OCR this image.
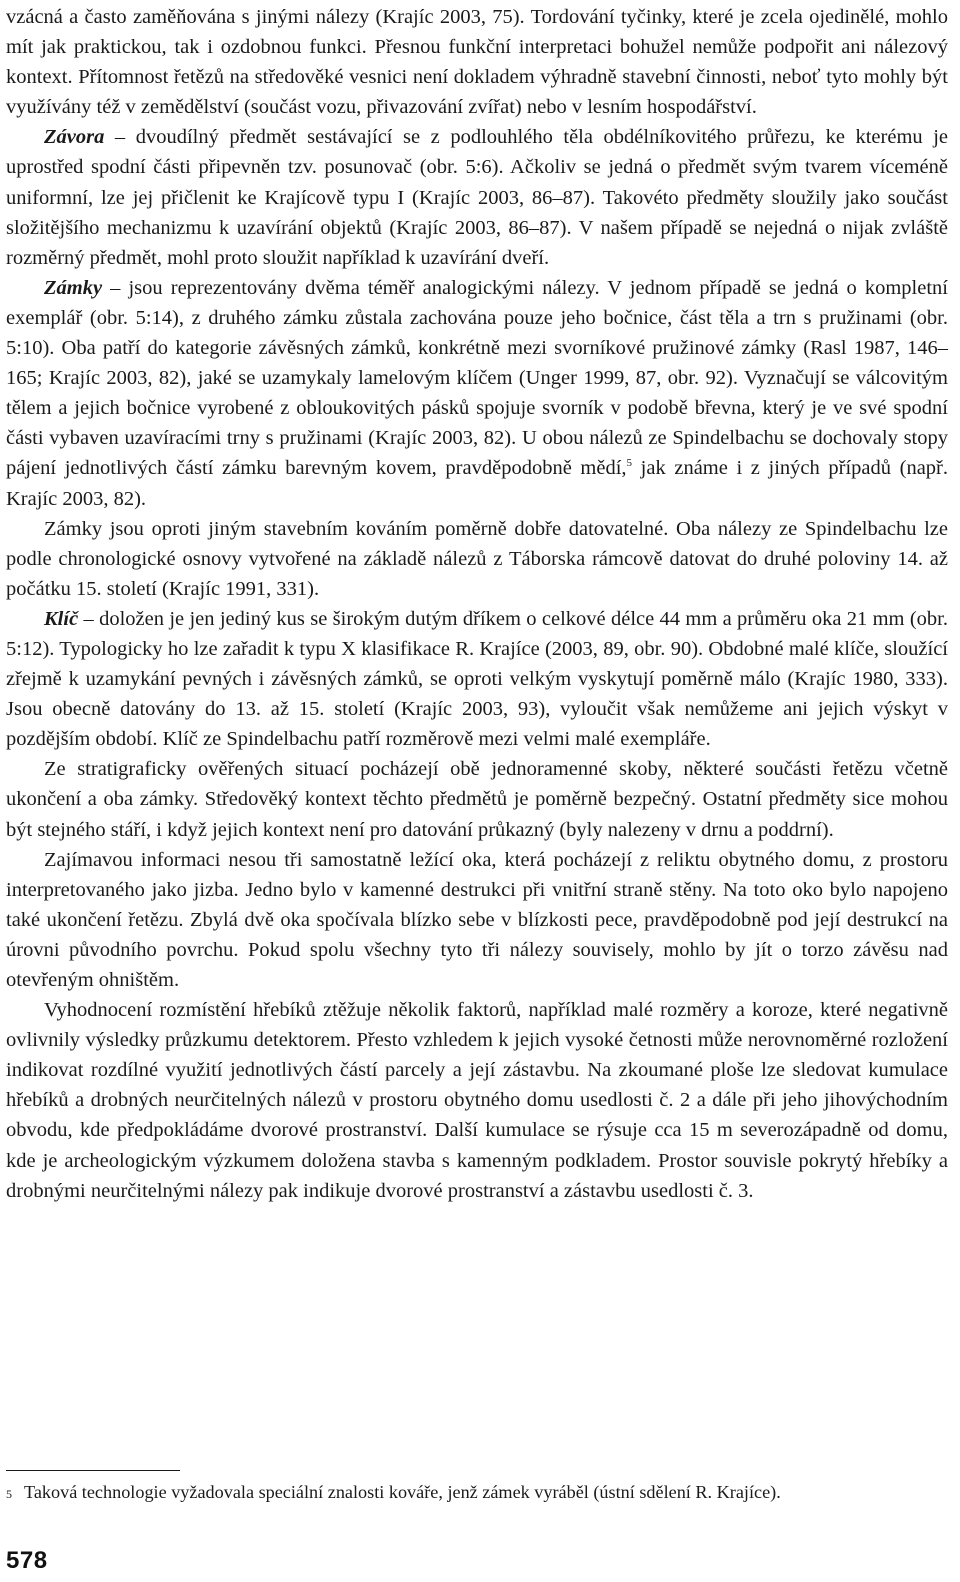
vzácná a často zaměňována s jinými nálezy (Krajíc 2003, 75). Tordování tyčinky, které je zcela ojedinělé, mohlo mít jak praktickou, tak i ozdobnou funkci. Přesnou funkční interpretaci bohužel nemůže podpořit ani nálezový kontext. Přítomnost řetězů na středověké vesnici není dokladem výhradně stavební činnosti, neboť tyto mohly být využívány též v zemědělství (součást vozu, přivazování zvířat) nebo v lesním hospodářství.

Závora – dvoudílný předmět sestávající se z podlouhlého těla obdélníkovitého průřezu, ke kterému je uprostřed spodní části připevněn tzv. posunovač (obr. 5:6). Ačkoliv se jedná o předmět svým tvarem víceméně uniformní, lze jej přičlenit ke Krajícově typu I (Krajíc 2003, 86–87). Takovéto předměty sloužily jako součást složitějšího mechanizmu k uzavírání objektů (Krajíc 2003, 86–87). V našem případě se nejedná o nijak zvláště rozměrný předmět, mohl proto sloužit například k uzavírání dveří.

Zámky – jsou reprezentovány dvěma téměř analogickými nálezy. V jednom případě se jedná o kompletní exemplář (obr. 5:14), z druhého zámku zůstala zachována pouze jeho bočnice, část těla a trn s pružinami (obr. 5:10). Oba patří do kategorie závěsných zámků, konkrétně mezi svorníkové pružinové zámky (Rasl 1987, 146–165; Krajíc 2003, 82), jaké se uzamykaly lamelovým klíčem (Unger 1999, 87, obr. 92). Vyznačují se válcovitým tělem a jejich bočnice vyrobené z obloukovitých pásků spojuje svorník v podobě břevna, který je ve své spodní části vybaven uzavíracími trny s pružinami (Krajíc 2003, 82). U obou nálezů ze Spindelbachu se dochovaly stopy pájení jednotlivých částí zámku barevným kovem, pravděpodobně mědí,$^5$ jak známe i z jiných případů (např. Krajíc 2003, 82).

Zámky jsou oproti jiným stavebním kováním poměrně dobře datovatelné. Oba nálezy ze Spindelbachu lze podle chronologické osnovy vytvořené na základě nálezů z Táborska rámcově datovat do druhé poloviny 14. až počátku 15. století (Krajíc 1991, 331).

Klíč – doložen je jen jediný kus se širokým dutým dříkem o celkové délce 44 mm a průměru oka 21 mm (obr. 5:12). Typologicky ho lze zařadit k typu X klasifikace R. Krajíce (2003, 89, obr. 90). Obdobné malé klíče, sloužící zřejmě k uzamykání pevných i závěsných zámků, se oproti velkým vyskytují poměrně málo (Krajíc 1980, 333). Jsou obecně datovány do 13. až 15. století (Krajíc 2003, 93), vyloučit však nemůžeme ani jejich výskyt v pozdějším období. Klíč ze Spindelbachu patří rozměrově mezi velmi malé exempláře.

Ze stratigraficky ověřených situací pocházejí obě jednoramenné skoby, některé součásti řetězu včetně ukončení a oba zámky. Středověký kontext těchto předmětů je poměrně bezpečný. Ostatní předměty sice mohou být stejného stáří, i když jejich kontext není pro datování průkazný (byly nalezeny v drnu a poddrní).

Zajímavou informaci nesou tři samostatně ležící oka, která pocházejí z reliktu obytného domu, z prostoru interpretovaného jako jizba. Jedno bylo v kamenné destrukci při vnitřní straně stěny. Na toto oko bylo napojeno také ukončení řetězu. Zbylá dvě oka spočívala blízko sebe v blízkosti pece, pravděpodobně pod její destrukcí na úrovni původního povrchu. Pokud spolu všechny tyto tři nálezy souvisely, mohlo by jít o torzo závěsu nad otevřeným ohništěm.

Vyhodnocení rozmístění hřebíků ztěžuje několik faktorů, například malé rozměry a koroze, které negativně ovlivnily výsledky průzkumu detektorem. Přesto vzhledem k jejich vysoké četnosti může nerovnoměrné rozložení indikovat rozdílné využití jednotlivých částí parcely a její zástavbu. Na zkoumané ploše lze sledovat kumulace hřebíků a drobných neurčitelných nálezů v prostoru obytného domu usedlosti č. 2 a dále při jeho jihovýchodním obvodu, kde předpokládáme dvorové prostranství. Další kumulace se rýsuje cca 15 m severozápadně od domu, kde je archeologickým výzkumem doložena stavba s kamenným podkladem. Prostor souvisle pokrytý hřebíky a drobnými neurčitelnými nálezy pak indikuje dvorové prostranství a zástavbu usedlosti č. 3.

5 Taková technologie vyžadovala speciální znalosti kováře, jenž zámek vyráběl (ústní sdělení R. Krajíce).
578
